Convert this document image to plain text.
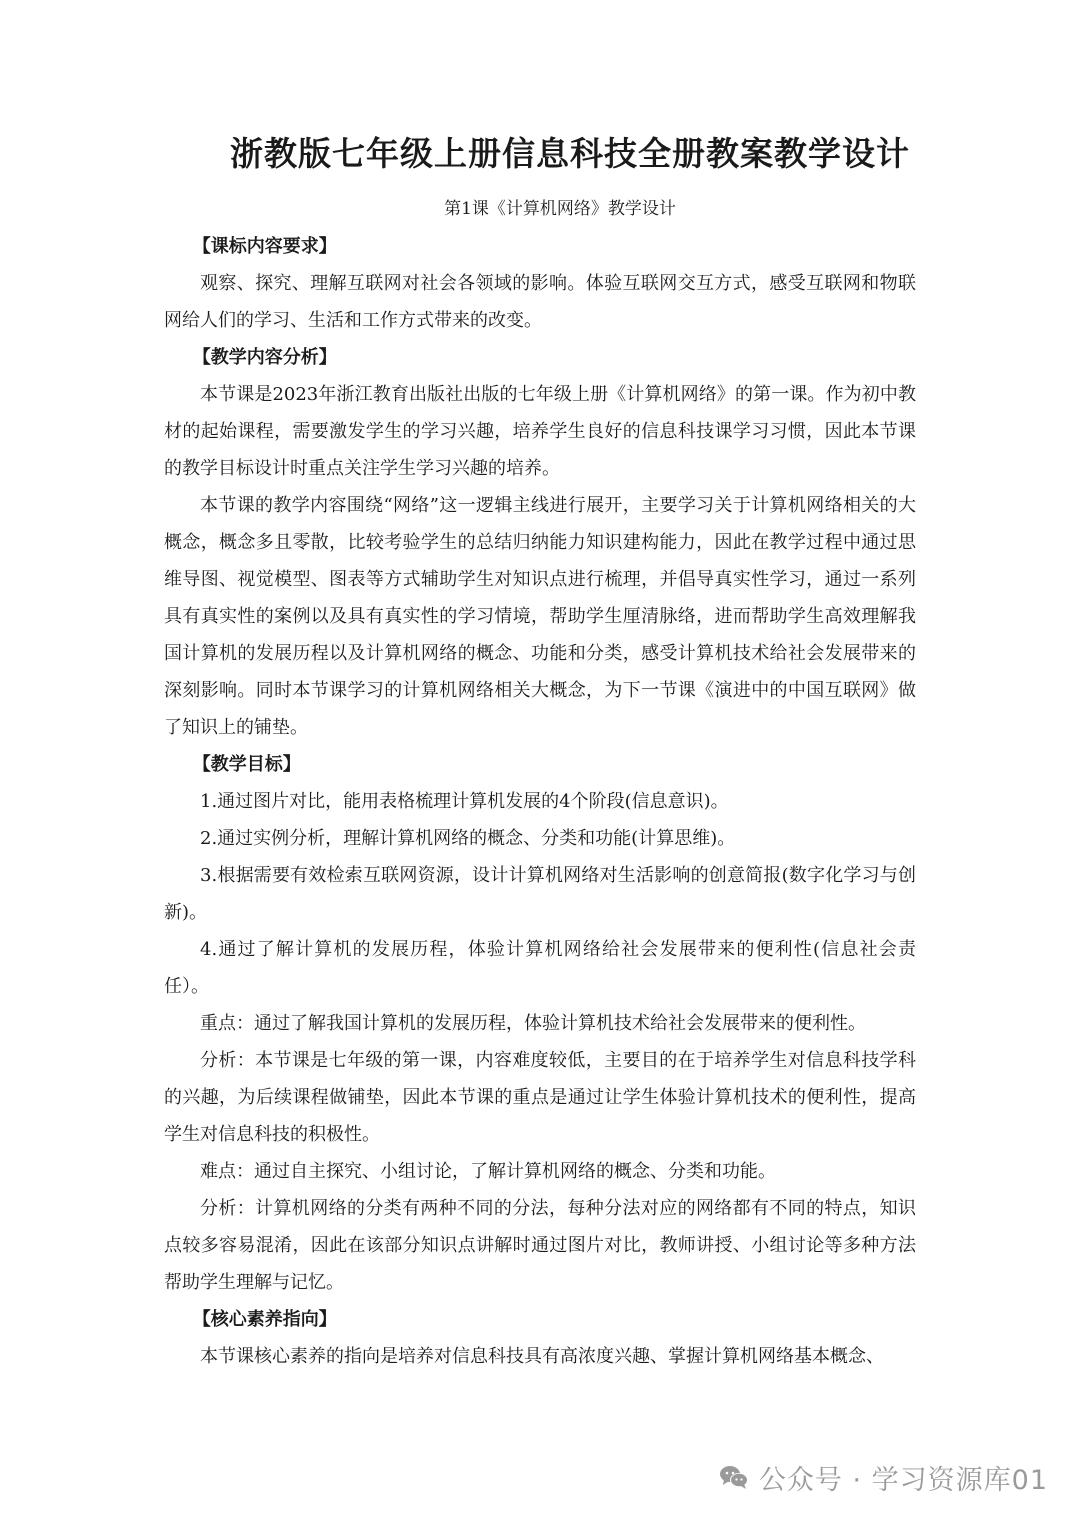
浙教版七年级上册信息科技全册教案教学设计
第1课《计算机网络》教学设计

【课标内容要求】

观察、探究、理解互联网对社会各领域的影响。体验互联网交互方式，感受互联网和物联网给人们的学习、生活和工作方式带来的改变。

【教学内容分析】

本节课是2023年浙江教育出版社出版的七年级上册《计算机网络》的第一课。作为初中教材的起始课程，需要激发学生的学习兴趣，培养学生良好的信息科技课学习习惯，因此本节课的教学目标设计时重点关注学生学习兴趣的培养。

本节课的教学内容围绕“网络”这一逻辑主线进行展开，主要学习关于计算机网络相关的大概念，概念多且零散，比较考验学生的总结归纳能力知识建构能力，因此在教学过程中通过思维导图、视觉模型、图表等方式辅助学生对知识点进行梳理，并倡导真实性学习，通过一系列具有真实性的案例以及具有真实性的学习情境，帮助学生厘清脉络，进而帮助学生高效理解我国计算机的发展历程以及计算机网络的概念、功能和分类，感受计算机技术给社会发展带来的深刻影响。同时本节课学习的计算机网络相关大概念，为下一节课《演进中的中国互联网》做了知识上的铺垫。

【教学目标】

1.通过图片对比，能用表格梳理计算机发展的4个阶段(信息意识)。

2.通过实例分析，理解计算机网络的概念、分类和功能(计算思维)。

3.根据需要有效检索互联网资源，设计计算机网络对生活影响的创意简报(数字化学习与创新)。

4.通过了解计算机的发展历程，体验计算机网络给社会发展带来的便利性(信息社会责任）。

重点：通过了解我国计算机的发展历程，体验计算机技术给社会发展带来的便利性。

分析：本节课是七年级的第一课，内容难度较低，主要目的在于培养学生对信息科技学科的兴趣，为后续课程做铺垫，因此本节课的重点是通过让学生体验计算机技术的便利性，提高学生对信息科技的积极性。

难点：通过自主探究、小组讨论，了解计算机网络的概念、分类和功能。

分析：计算机网络的分类有两种不同的分法，每种分法对应的网络都有不同的特点，知识点较多容易混淆，因此在该部分知识点讲解时通过图片对比，教师讲授、小组讨论等多种方法帮助学生理解与记忆。

【核心素养指向】

本节课核心素养的指向是培养对信息科技具有高浓度兴趣、掌握计算机网络基本概念、

公众号 · 学习资源库01
